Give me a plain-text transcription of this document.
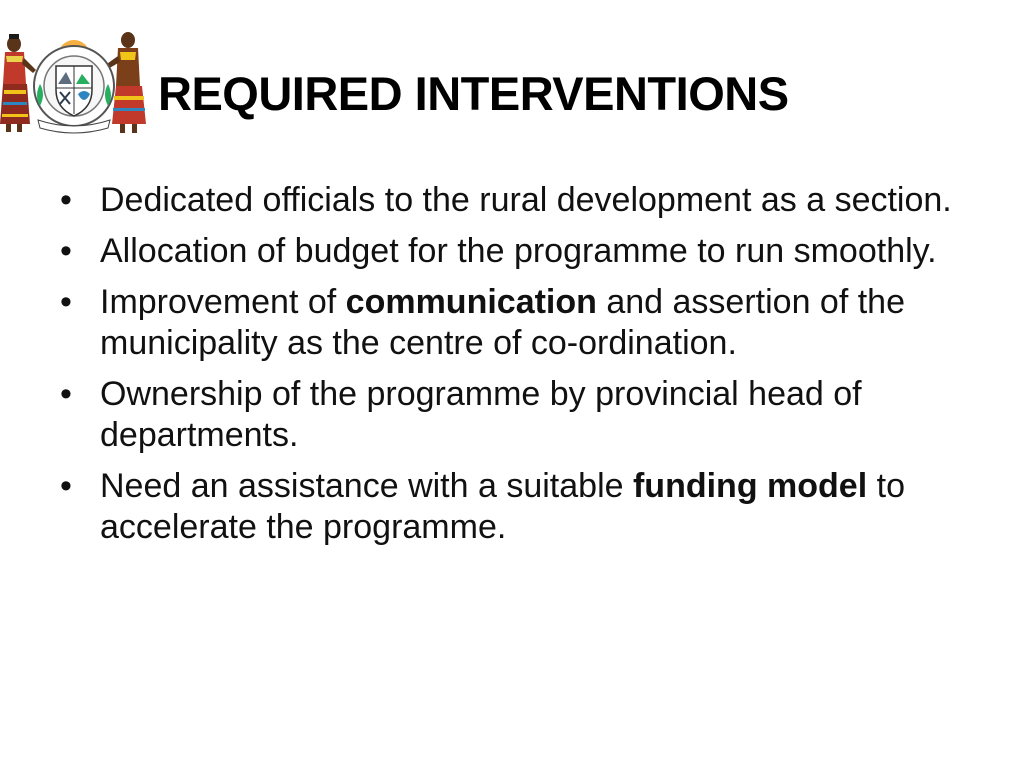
REQUIRED INTERVENTIONS
• Dedicated officials to the rural development as a section.
• Allocation of budget for the programme to run smoothly.
• Improvement of communication and assertion of the municipality as the centre of co-ordination.
• Ownership of the programme by provincial head of departments.
• Need an assistance with a suitable funding model to accelerate the programme.
